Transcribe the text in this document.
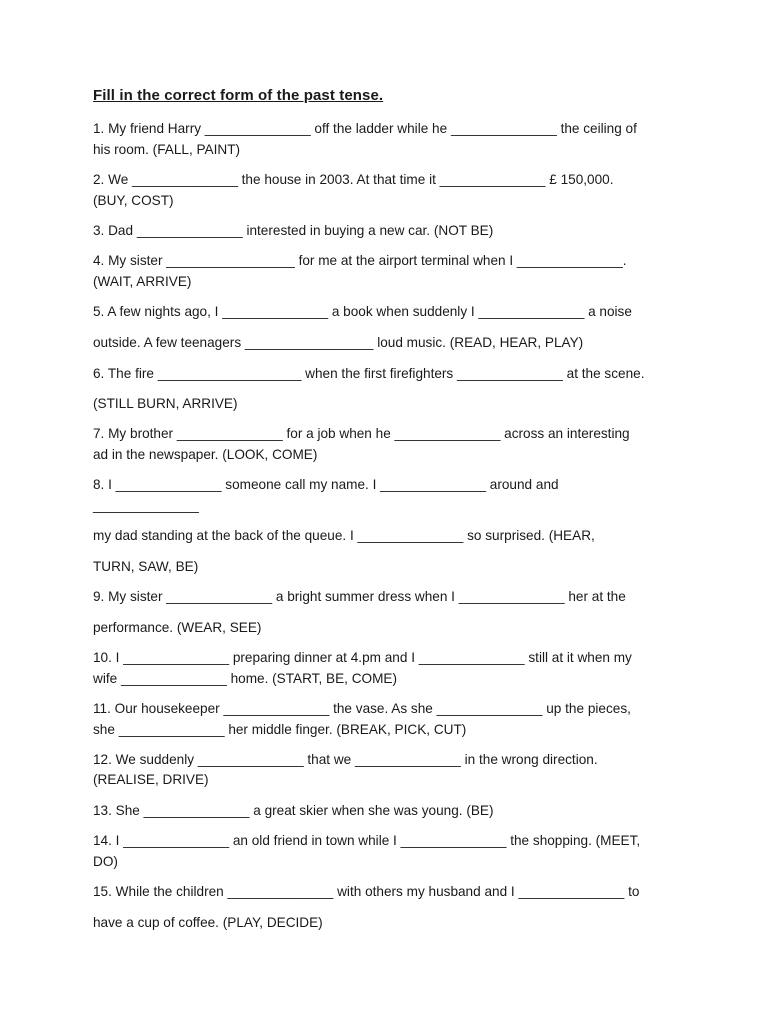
Fill in the correct form of the past tense.
1. My friend Harry ______________ off the ladder while he ______________ the ceiling of
his room. (FALL, PAINT)
2. We ______________ the house in 2003. At that time it ______________ £ 150,000.
(BUY, COST)
3. Dad ______________ interested in buying a new car. (NOT BE)
4. My sister _________________ for me at the airport terminal when I ______________.
(WAIT, ARRIVE)
5. A few nights ago, I ______________ a book when suddenly I ______________ a noise
outside. A few teenagers _________________ loud music. (READ, HEAR, PLAY)
6. The fire ___________________ when the first firefighters ______________ at the scene.
(STILL BURN, ARRIVE)
7. My brother ______________ for a job when he ______________ across an interesting
ad in the newspaper. (LOOK, COME)
8. I ______________ someone call my name. I ______________ around and
______________
my dad standing at the back of the queue. I ______________ so surprised. (HEAR,
TURN, SAW, BE)
9. My sister ______________ a bright summer dress when I ______________ her at the
performance. (WEAR, SEE)
10. I ______________ preparing dinner at 4.pm and I ______________ still at it when my
wife ______________ home. (START, BE, COME)
11. Our housekeeper ______________ the vase. As she ______________ up the pieces,
she ______________ her middle finger. (BREAK, PICK, CUT)
12. We suddenly ______________ that we ______________ in the wrong direction.
(REALISE, DRIVE)
13. She ______________ a great skier when she was young. (BE)
14. I ______________ an old friend in town while I ______________ the shopping. (MEET,
DO)
15. While the children ______________ with others my husband and I ______________ to
have a cup of coffee. (PLAY, DECIDE)
